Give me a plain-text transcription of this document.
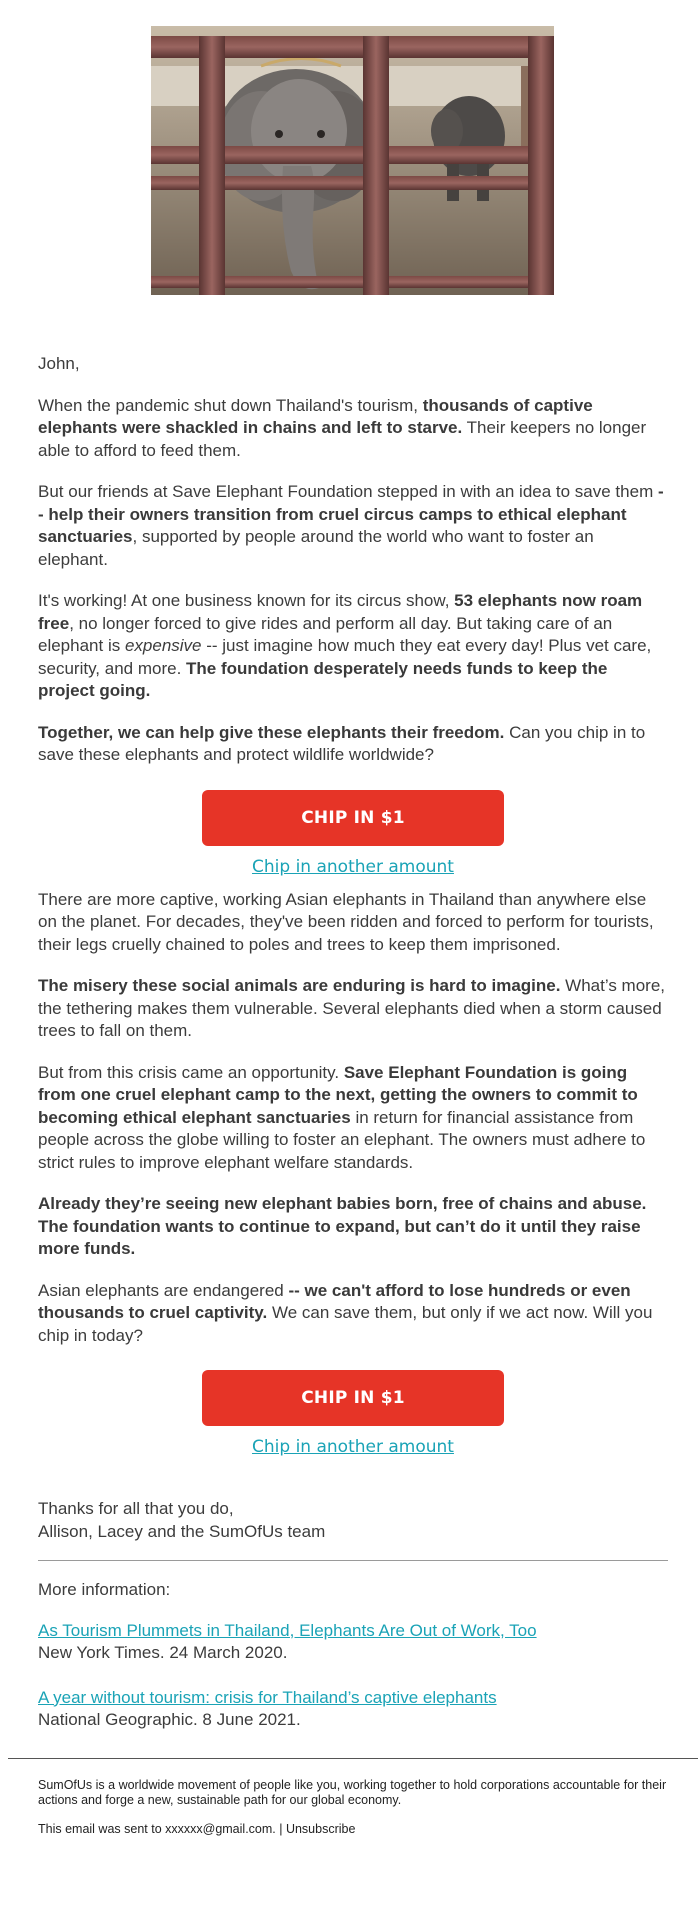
John,

When the pandemic shut down Thailand's tourism, thousands of captive elephants were shackled in chains and left to starve. Their keepers no longer able to afford to feed them.

But our friends at Save Elephant Foundation stepped in with an idea to save them -- help their owners transition from cruel circus camps to ethical elephant sanctuaries, supported by people around the world who want to foster an elephant.

It's working! At one business known for its circus show, 53 elephants now roam free, no longer forced to give rides and perform all day. But taking care of an elephant is expensive -- just imagine how much they eat every day! Plus vet care, security, and more. The foundation desperately needs funds to keep the project going.

Together, we can help give these elephants their freedom. Can you chip in to save these elephants and protect wildlife worldwide?

CHIP IN $1
Chip in another amount

There are more captive, working Asian elephants in Thailand than anywhere else on the planet. For decades, they've been ridden and forced to perform for tourists, their legs cruelly chained to poles and trees to keep them imprisoned.

The misery these social animals are enduring is hard to imagine. What’s more, the tethering makes them vulnerable. Several elephants died when a storm caused trees to fall on them.

But from this crisis came an opportunity. Save Elephant Foundation is going from one cruel elephant camp to the next, getting the owners to commit to becoming ethical elephant sanctuaries in return for financial assistance from people across the globe willing to foster an elephant. The owners must adhere to strict rules to improve elephant welfare standards.

Already they’re seeing new elephant babies born, free of chains and abuse. The foundation wants to continue to expand, but can’t do it until they raise more funds.

Asian elephants are endangered -- we can't afford to lose hundreds or even thousands to cruel captivity. We can save them, but only if we act now. Will you chip in today?

CHIP IN $1
Chip in another amount
Thanks for all that you do,
Allison, Lacey and the SumOfUs team

More information:

As Tourism Plummets in Thailand, Elephants Are Out of Work, Too
New York Times. 24 March 2020.
A year without tourism: crisis for Thailand’s captive elephants
National Geographic. 8 June 2021.

SumOfUs is a worldwide movement of people like you, working together to hold corporations accountable for their actions and forge a new, sustainable path for our global economy.

This email was sent to xxxxxx@gmail.com. | Unsubscribe
